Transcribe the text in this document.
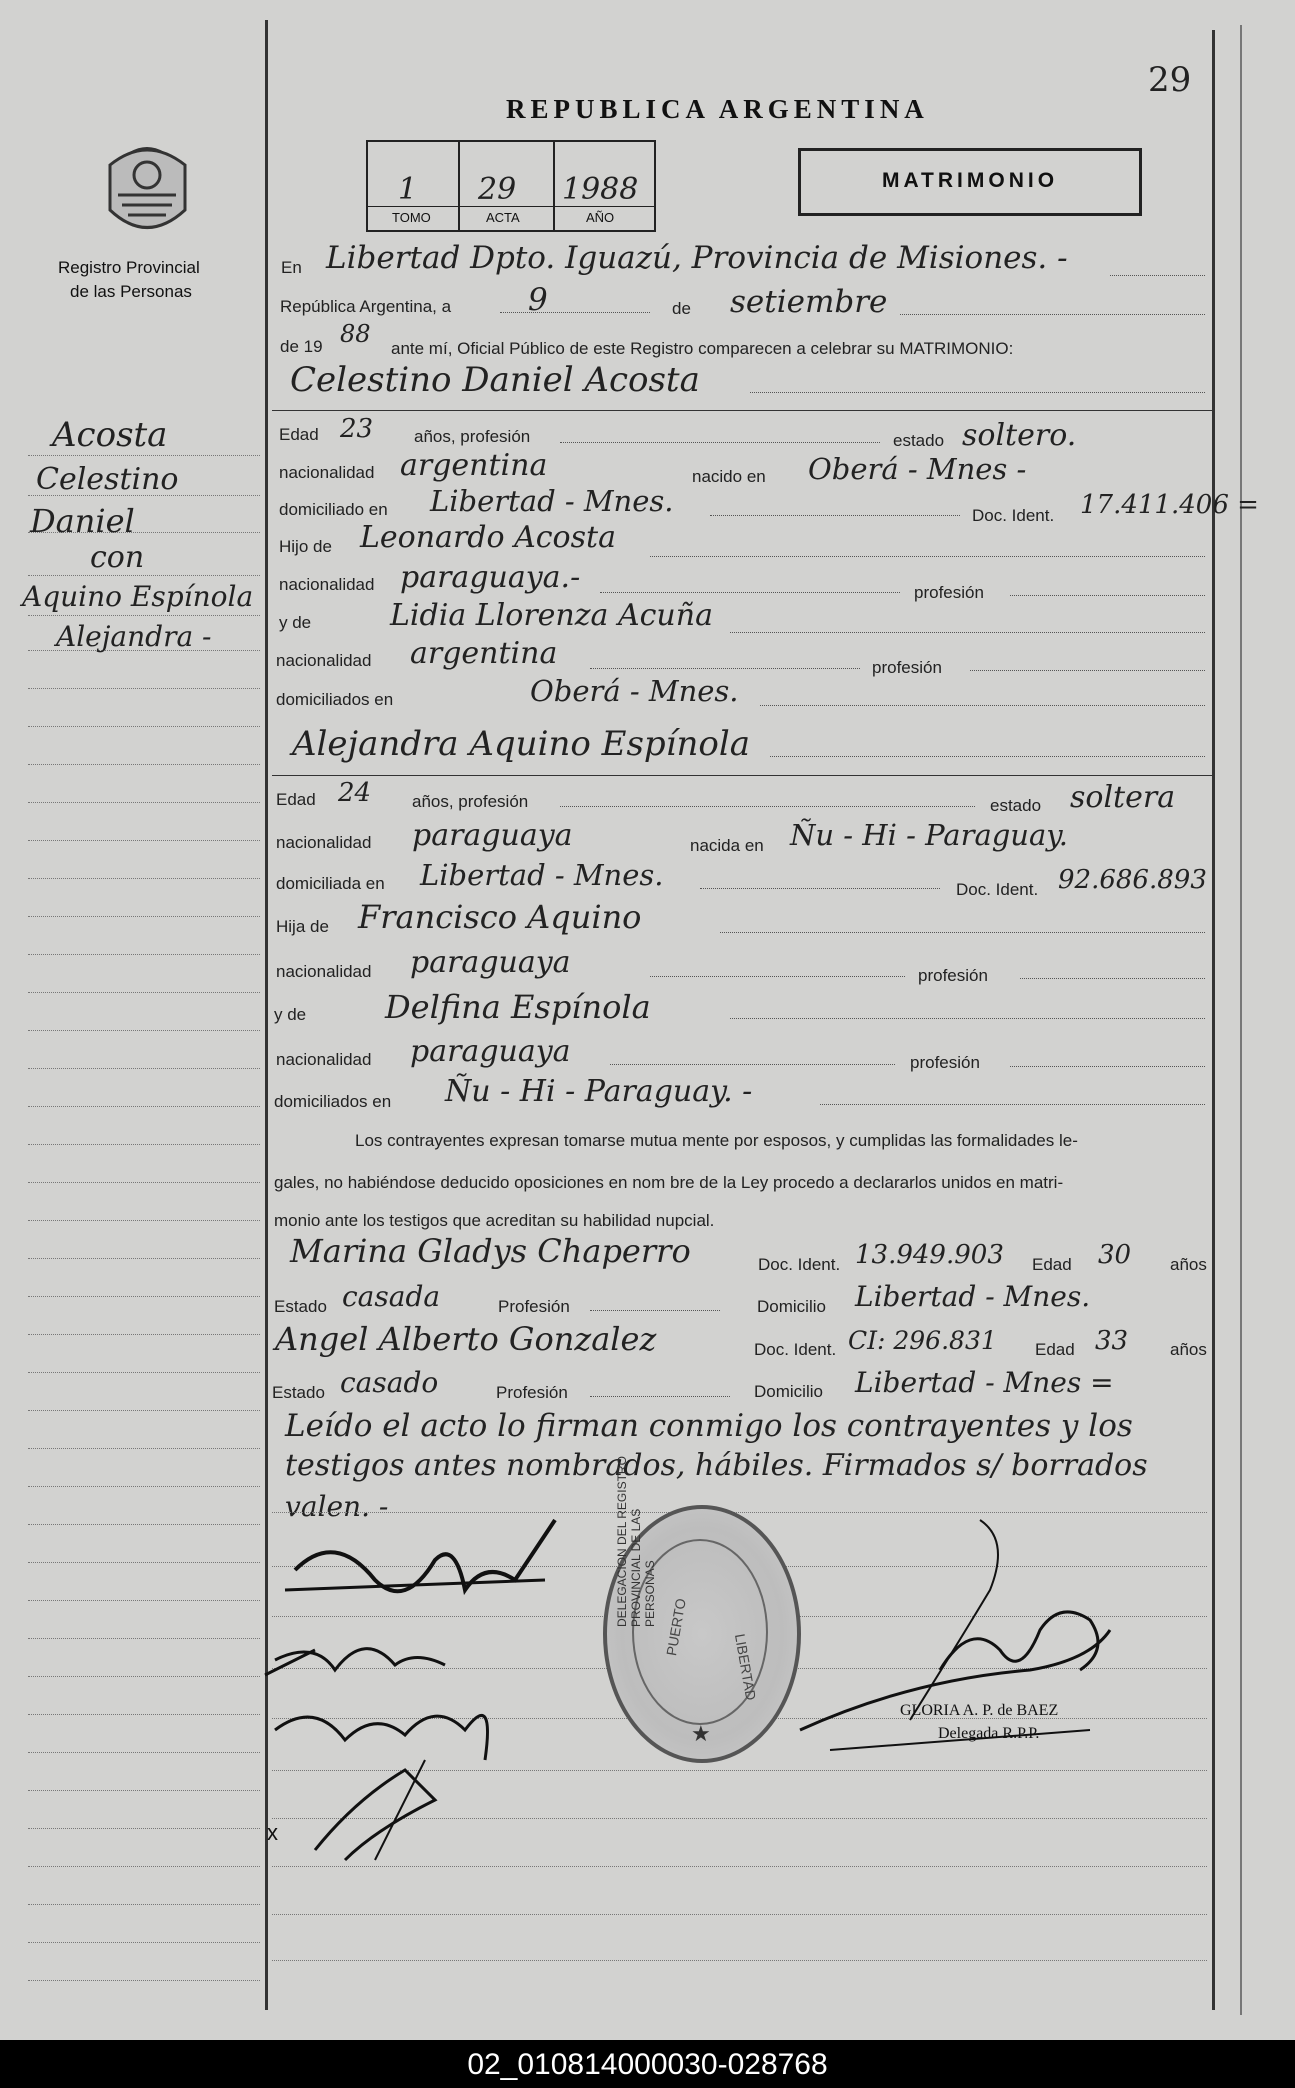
29
Registro Provincial
de las Personas
REPUBLICA ARGENTINA
1 29 1988
TOMO	ACTA	AÑO
MATRIMONIO
Acosta
Celestino
Daniel
con
Aquino Espínola
Alejandra -
En Libertad Dpto. Iguazú, Provincia de Misiones. -
República Argentina, a 9	de setiembre
de 19 88
ante mí, Oficial Público de este Registro comparecen a celebrar su MATRIMONIO:
Celestino Daniel Acosta
Edad 23 años, profesión	estado soltero.
nacionalidad argentina	nacido en Oberá - Mnes -
domiciliado en Libertad - Mnes.	Doc. Ident. 17.411.406 =
Hijo de Leonardo Acosta
nacionalidad paraguaya.-	profesión
y de	Lidia Llorenza Acuña
nacionalidad argentina	profesión
domiciliados en	Oberá - Mnes.
Alejandra Aquino Espínola
Edad 24 años, profesión	estado soltera
nacionalidad paraguaya	nacida en Ñu - Hi - Paraguay.
domiciliada en Libertad - Mnes.	Doc. Ident. 92.686.893
Hija de Francisco Aquino
nacionalidad paraguaya	profesión
y de Delfina Espínola
nacionalidad paraguaya	profesión
domiciliados en Ñu - Hi - Paraguay. -
Los contrayentes expresan tomarse mutua mente por esposos, y cumplidas las formalidades le-
gales, no habiéndose deducido oposiciones en nom bre de la Ley procedo a declararlos unidos en matri-
monio ante los testigos que acreditan su habilidad nupcial.
Marina Gladys Chaperro	Doc. Ident. 13.949.903 Edad 30 años
Estado casada	Profesión	Domicilio Libertad - Mnes.
Angel Alberto Gonzalez	Doc. Ident. CI: 296.831 Edad 33 años
Estado casado	Profesión	Domicilio Libertad - Mnes =
Leído el acto lo firman conmigo los contrayentes y los
testigos antes nombrados, hábiles. Firmados s/ borrados
valen. -
x
DELEGACION DEL REGISTRO PROVINCIAL DE LAS PERSONAS PUERTO
LIBERTAD
★
GLORIA A. P. de BAEZ
Delegada R.P.P.
02_010814000030-028768
